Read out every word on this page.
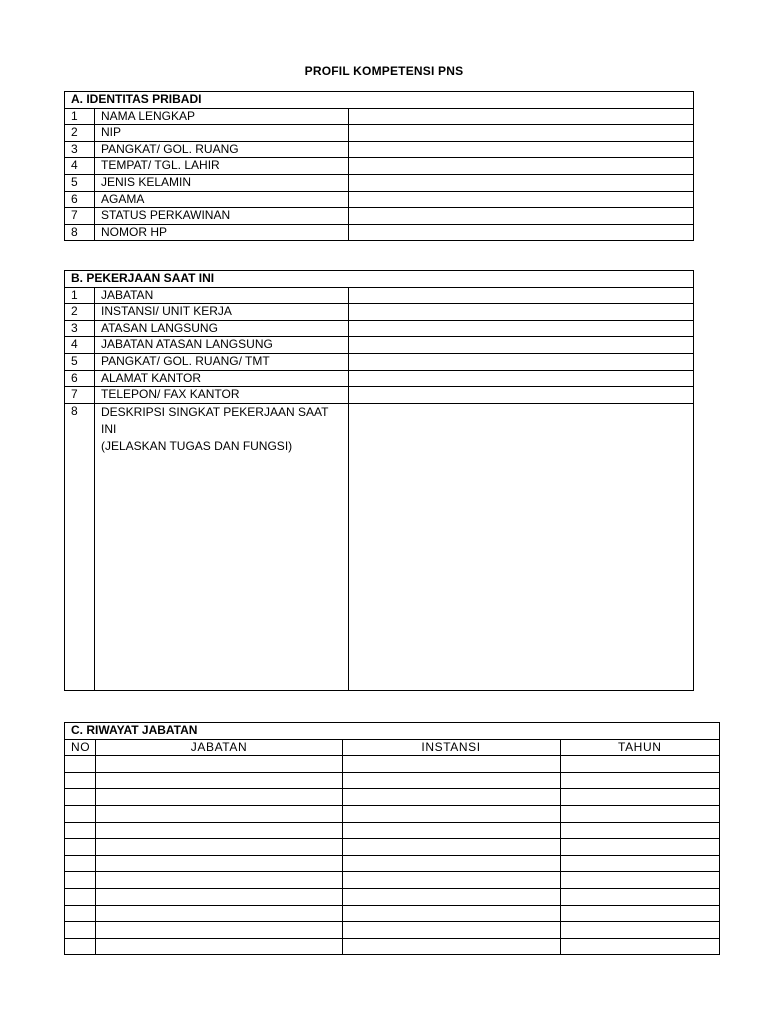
PROFIL KOMPETENSI PNS
A. IDENTITAS PRIBADI		
1	NAMA LENGKAP	
2	NIP	
3	PANGKAT/ GOL. RUANG	
4	TEMPAT/ TGL. LAHIR	
5	JENIS KELAMIN	
6	AGAMA	
7	STATUS PERKAWINAN	
8	NOMOR HP	
B. PEKERJAAN SAAT INI		
1	JABATAN	
2	INSTANSI/ UNIT KERJA	
3	ATASAN LANGSUNG	
4	JABATAN ATASAN LANGSUNG	
5	PANGKAT/ GOL. RUANG/ TMT	
6	ALAMAT KANTOR	
7	TELEPON/ FAX KANTOR	
8	DESKRIPSI SINGKAT PEKERJAAN SAAT INI
(JELASKAN TUGAS DAN FUNGSI)	

C. RIWAYAT JABATAN			
NO	JABATAN	INSTANSI	TAHUN
